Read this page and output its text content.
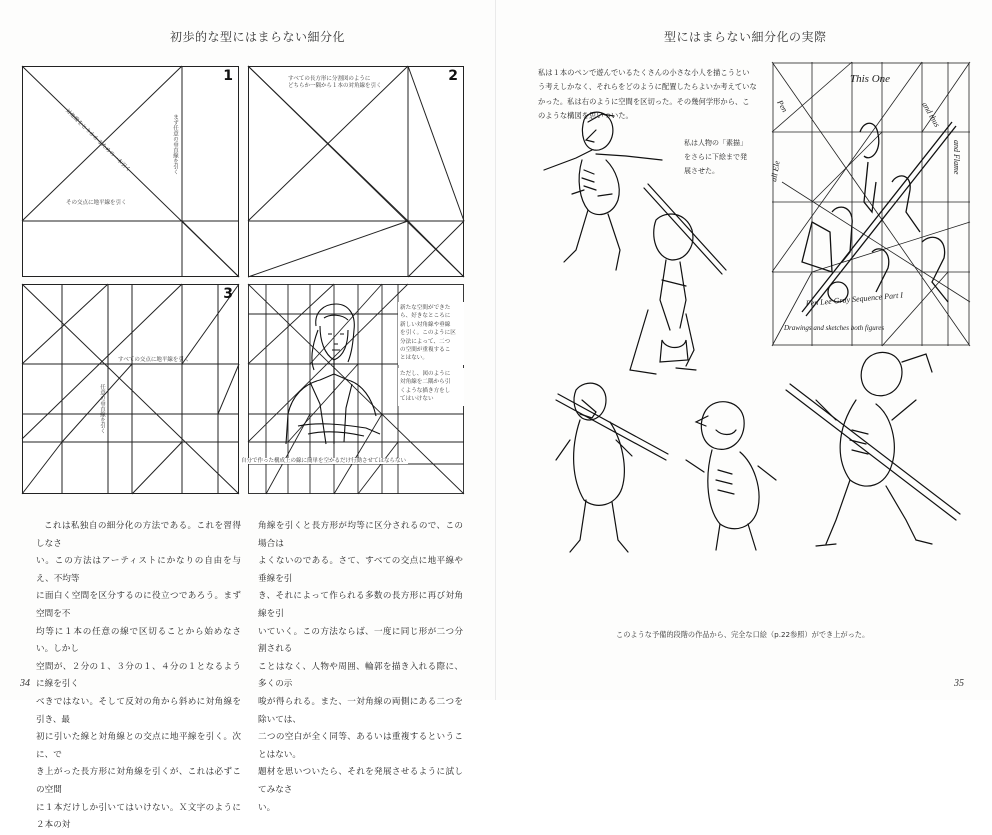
初歩的な型にはまらない細分化
1
対角線をとりかかるための一本引く	まず任意の垂直線を引く
その交点に地平線を引く
2
すべての長方形に分割図のように
どちらか一隅から１本の対角線を引く
3
すべての交点に地平線を引く
任意の垂直線を引く
新たな空間ができた
ら、好きなところに
新しい対角線や垂線
を引く。このように区
分法によって、二つ
の空間が重複するこ
とはない。
ただし、図のように
対角線を二隅から引
くような描き方をし
てはいけない
自分で作った構成上の線に簡単を空かるだけ行動させてはならない

これは私独自の細分化の方法である。これを習得しなさ

い。この方法はアーティストにかなりの自由を与え、不均等

に面白く空間を区分するのに役立つであろう。まず空間を不

均等に１本の任意の線で区切ることから始めなさい。しかし

空間が、２分の１、３分の１、４分の１となるように線を引く

べきではない。そして反対の角から斜めに対角線を引き、最

初に引いた線と対角線との交点に地平線を引く。次に、で

き上がった長方形に対角線を引くが、これは必ずこの空間

に１本だけしか引いてはいけない。Ｘ文字のように２本の対

角線を引くと長方形が均等に区分されるので、この場合は

よくないのである。さて、すべての交点に地平線や垂線を引

き、それによって作られる多数の長方形に再び対角線を引

いていく。この方法ならば、一度に同じ形が二つ分割される

ことはなく、人物や周囲、輪郭を描き入れる際に、多くの示

唆が得られる。また、一対角線の両側にある二つを除いては、

二つの空白が全く同等、あるいは重複するということはない。

題材を思いついたら、それを発展させるように試してみなさ

い。

34
型にはまらない細分化の実際
私は１本のペンで遊んでいるたくさんの小さな小人を描こうとい
う考えしかなく、それらをどのように配置したらよいか考えていな
かった。私は右のように空間を区切った。その幾何学形から、こ
のような構図を思いついた。
私は人物の「素描」
をさらに下絵まで発
展させた。
This One
Pen	and thus
and Flame
all Ele
Pen Lee Gruy Sequence Part I
Drawings and sketches both figures
このような予備的段階の作品から、完全な口絵（p.22参照）ができ上がった。
35
